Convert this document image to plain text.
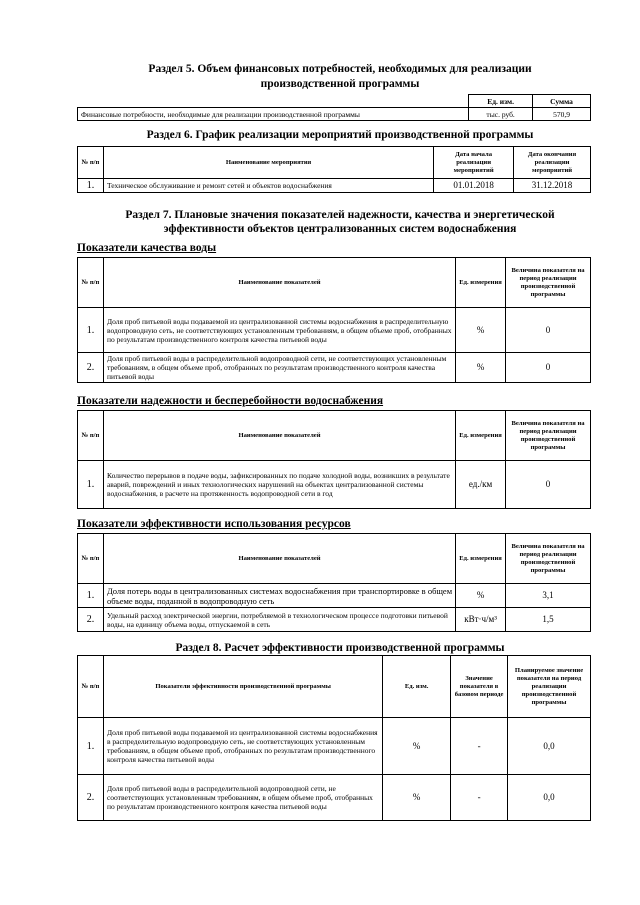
Раздел 5. Объем финансовых потребностей, необходимых для реализации
производственной программы
	Ед. изм.	Сумма
Финансовые потребности, необходимые для реализации производственной программы	тыс. руб.	570,9
Раздел 6. График реализации мероприятий производственной программы
№ п/п	Наименование мероприятия	Дата начала реализации мероприятий	Дата окончания реализации мероприятий
1.	Техническое обслуживание и ремонт сетей и объектов водоснабжения	01.01.2018	31.12.2018
Раздел 7. Плановые значения показателей надежности, качества и энергетической
эффективности объектов централизованных систем водоснабжения
Показатели качества воды
№ п/п	Наименование показателей	Ед. измерения	Величина показателя на период реализации производственной программы
1.	Доля проб питьевой воды подаваемой из централизованной системы водоснабжения в распределительную водопроводную сеть, не соответствующих установленным требованиям, в общем объеме проб, отобранных по результатам производственного контроля качества питьевой воды	%	0
2.	Доля проб питьевой воды в распределительной водопроводной сети, не соответствующих установленным требованиям, в общем объеме проб, отобранных по результатам производственного контроля качества питьевой воды	%	0
Показатели надежности и бесперебойности водоснабжения
№ п/п	Наименование показателей	Ед. измерения	Величина показателя на период реализации производственной программы
1.	Количество перерывов в подаче воды, зафиксированных по подаче холодной воды, возникших в результате аварий, повреждений и иных технологических нарушений на объектах централизованной системы водоснабжения, в расчете на протяженность водопроводной сети в год	ед./км	0
Показатели эффективности использования ресурсов
№ п/п	Наименование показателей	Ед. измерения	Величина показателя на период реализации производственной программы
1.	Доля потерь воды в централизованных системах водоснабжения при транспортировке в общем объеме воды, поданной в водопроводную сеть	%	3,1
2.	Удельный расход электрической энергии, потребляемой в технологическом процессе подготовки питьевой воды, на единицу объема воды, отпускаемой в сеть	кВт·ч/м³	1,5
Раздел 8. Расчет эффективности производственной программы
№ п/п	Показатели эффективности производственной программы	Ед. изм.	Значение показателя в базовом периоде	Планируемое значение показателя на период реализации производственной программы
1.	Доля проб питьевой воды подаваемой из централизованной системы водоснабжения в распределительную водопроводную сеть, не соответствующих установленным требованиям, в общем объеме проб, отобранных по результатам производственного контроля качества питьевой воды	%	-	0,0
2.	Доля проб питьевой воды в распределительной водопроводной сети, не соответствующих установленным требованиям, в общем объеме проб, отобранных по результатам производственного контроля качества питьевой воды	%	-	0,0
